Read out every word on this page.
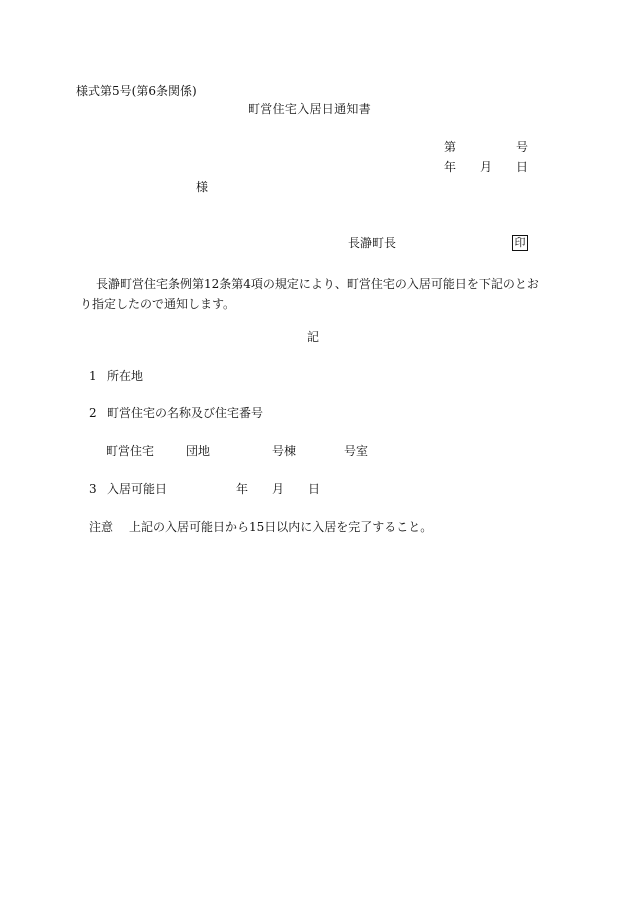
様式第5号(第6条関係)
町営住宅入居日通知書
第	号
年 月 日
様
長瀞町長	印
長瀞町営住宅条例第12条第4項の規定により、町営住宅の入居可能日を下記のとおり指定したので通知します。
記
1 所在地
2 町営住宅の名称及び住宅番号
町営住宅	団地	号棟	号室
3 入居可能日	年 月 日
注意 上記の入居可能日から15日以内に入居を完了すること。
